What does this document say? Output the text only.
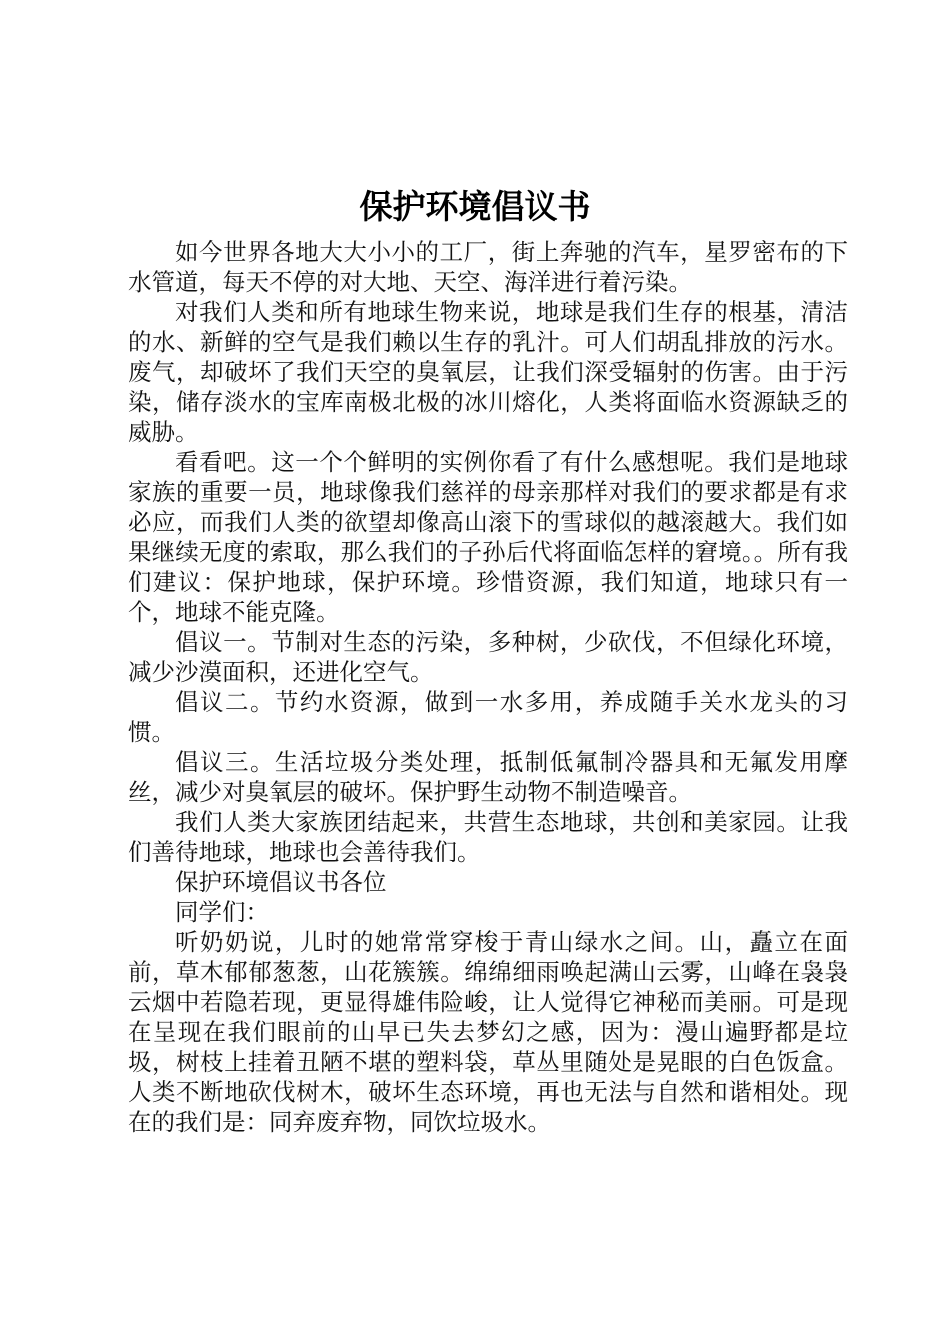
保护环境倡议书

如今世界各地大大小小的工厂，街上奔驰的汽车，星罗密布的下水管道，每天不停的对大地、天空、海洋进行着污染。

对我们人类和所有地球生物来说，地球是我们生存的根基，清洁的水、新鲜的空气是我们赖以生存的乳汁。可人们胡乱排放的污水。废气，却破坏了我们天空的臭氧层，让我们深受辐射的伤害。由于污染，储存淡水的宝库南极北极的冰川熔化，人类将面临水资源缺乏的威胁。

看看吧。这一个个鲜明的实例你看了有什么感想呢。我们是地球家族的重要一员，地球像我们慈祥的母亲那样对我们的要求都是有求必应，而我们人类的欲望却像高山滚下的雪球似的越滚越大。我们如果继续无度的索取，那么我们的子孙后代将面临怎样的窘境。。所有我们建议：保护地球，保护环境。珍惜资源，我们知道，地球只有一个，地球不能克隆。

倡议一。节制对生态的污染，多种树，少砍伐，不但绿化环境，减少沙漠面积，还进化空气。

倡议二。节约水资源，做到一水多用，养成随手关水龙头的习惯。

倡议三。生活垃圾分类处理，抵制低氟制冷器具和无氟发用摩丝，减少对臭氧层的破坏。保护野生动物不制造噪音。

我们人类大家族团结起来，共营生态地球，共创和美家园。让我们善待地球，地球也会善待我们。

保护环境倡议书各位

同学们：

听奶奶说，儿时的她常常穿梭于青山绿水之间。山，矗立在面前，草木郁郁葱葱，山花簇簇。绵绵细雨唤起满山云雾，山峰在袅袅云烟中若隐若现，更显得雄伟险峻，让人觉得它神秘而美丽。可是现在呈现在我们眼前的山早已失去梦幻之感，因为：漫山遍野都是垃圾，树枝上挂着丑陋不堪的塑料袋，草丛里随处是晃眼的白色饭盒。人类不断地砍伐树木，破坏生态环境，再也无法与自然和谐相处。现在的我们是：同弃废弃物，同饮垃圾水。
